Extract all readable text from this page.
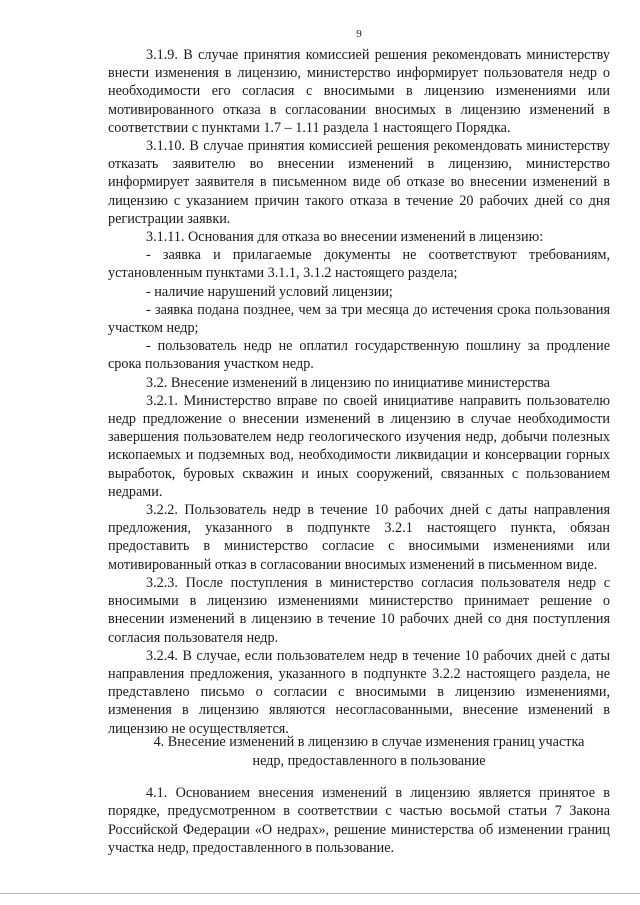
9

3.1.9. В случае принятия комиссией решения рекомендовать министерству внести изменения в лицензию, министерство информирует пользователя недр о необходимости его согласия с вносимыми в лицензию изменениями или мотивированного отказа в согласовании вносимых в лицензию изменений в соответствии с пунктами 1.7 – 1.11 раздела 1 настоящего Порядка.

3.1.10. В случае принятия комиссией решения рекомендовать министерству отказать заявителю во внесении изменений в лицензию, министерство информирует заявителя в письменном виде об отказе во внесении изменений в лицензию с указанием причин такого отказа в течение 20 рабочих дней со дня регистрации заявки.

3.1.11. Основания для отказа во внесении изменений в лицензию:

- заявка и прилагаемые документы не соответствуют требованиям, установленным пунктами 3.1.1, 3.1.2 настоящего раздела;

- наличие нарушений условий лицензии;

- заявка подана позднее, чем за три месяца до истечения срока пользования участком недр;

- пользователь недр не оплатил государственную пошлину за продление срока пользования участком недр.

3.2. Внесение изменений в лицензию по инициативе министерства

3.2.1. Министерство вправе по своей инициативе направить пользователю недр предложение о внесении изменений в лицензию в случае необходимости завершения пользователем недр геологического изучения недр, добычи полезных ископаемых и подземных вод, необходимости ликвидации и консервации горных выработок, буровых скважин и иных сооружений, связанных с пользованием недрами.

3.2.2. Пользователь недр в течение 10 рабочих дней с даты направления предложения, указанного в подпункте 3.2.1 настоящего пункта, обязан предоставить в министерство согласие с вносимыми изменениями или мотивированный отказ в согласовании вносимых изменений в письменном виде.

3.2.3. После поступления в министерство согласия пользователя недр с вносимыми в лицензию изменениями министерство принимает решение о внесении изменений в лицензию в течение 10 рабочих дней со дня поступления согласия пользователя недр.

3.2.4. В случае, если пользователем недр в течение 10 рабочих дней с даты направления предложения, указанного в подпункте 3.2.2 настоящего раздела, не представлено письмо о согласии с вносимыми в лицензию изменениями, изменения в лицензию являются несогласованными, внесение изменений в лицензию не осуществляется.

4. Внесение изменений в лицензию в случае изменения границ участка
недр, предоставленного в пользование

4.1. Основанием внесения изменений в лицензию является принятое в порядке, предусмотренном в соответствии с частью восьмой статьи 7 Закона Российской Федерации «О недрах», решение министерства об изменении границ участка недр, предоставленного в пользование.
